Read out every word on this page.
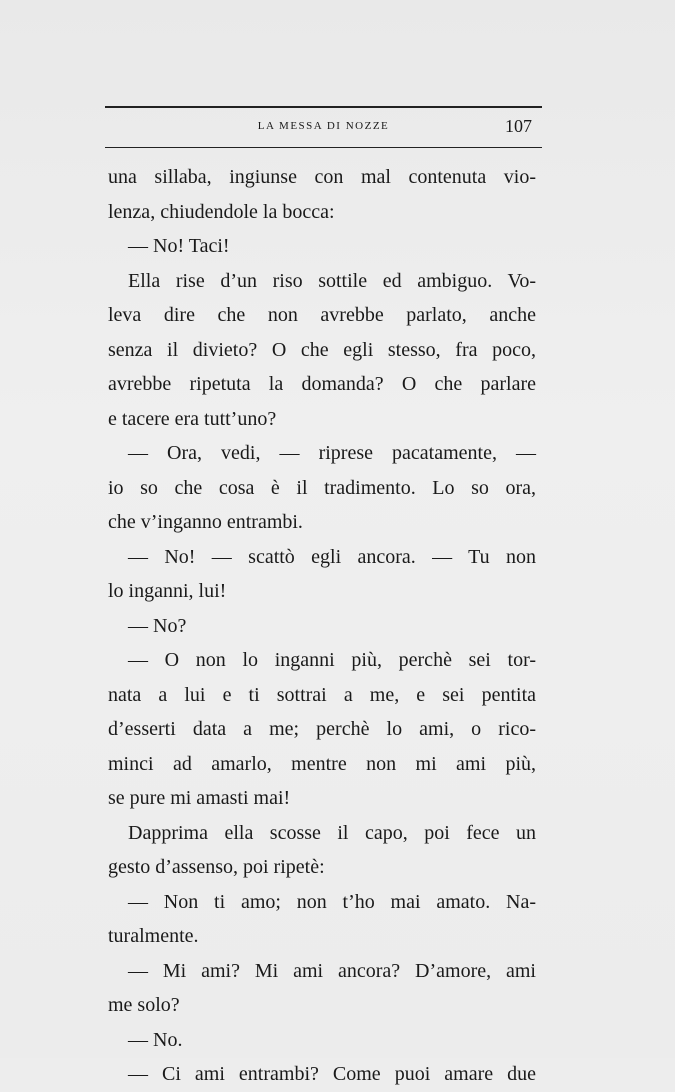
LA MESSA DI NOZZE	107
una sillaba, ingiunse con mal contenuta vio-
lenza, chiudendole la bocca:
— No! Taci!
Ella rise d’un riso sottile ed ambiguo. Vo-
leva dire che non avrebbe parlato, anche
senza il divieto? O che egli stesso, fra poco,
avrebbe ripetuta la domanda? O che parlare
e tacere era tutt’uno?
— Ora, vedi, — riprese pacatamente, —
io so che cosa è il tradimento. Lo so ora,
che v’inganno entrambi.
— No! — scattò egli ancora. — Tu non
lo inganni, lui!
— No?
— O non lo inganni più, perchè sei tor-
nata a lui e ti sottrai a me, e sei pentita
d’esserti data a me; perchè lo ami, o rico-
minci ad amarlo, mentre non mi ami più,
se pure mi amasti mai!
Dapprima ella scosse il capo, poi fece un
gesto d’assenso, poi ripetè:
— Non ti amo; non t’ho mai amato. Na-
turalmente.
— Mi ami? Mi ami ancora? D’amore, ami
me solo?
— No.
— Ci ami entrambi? Come puoi amare due
